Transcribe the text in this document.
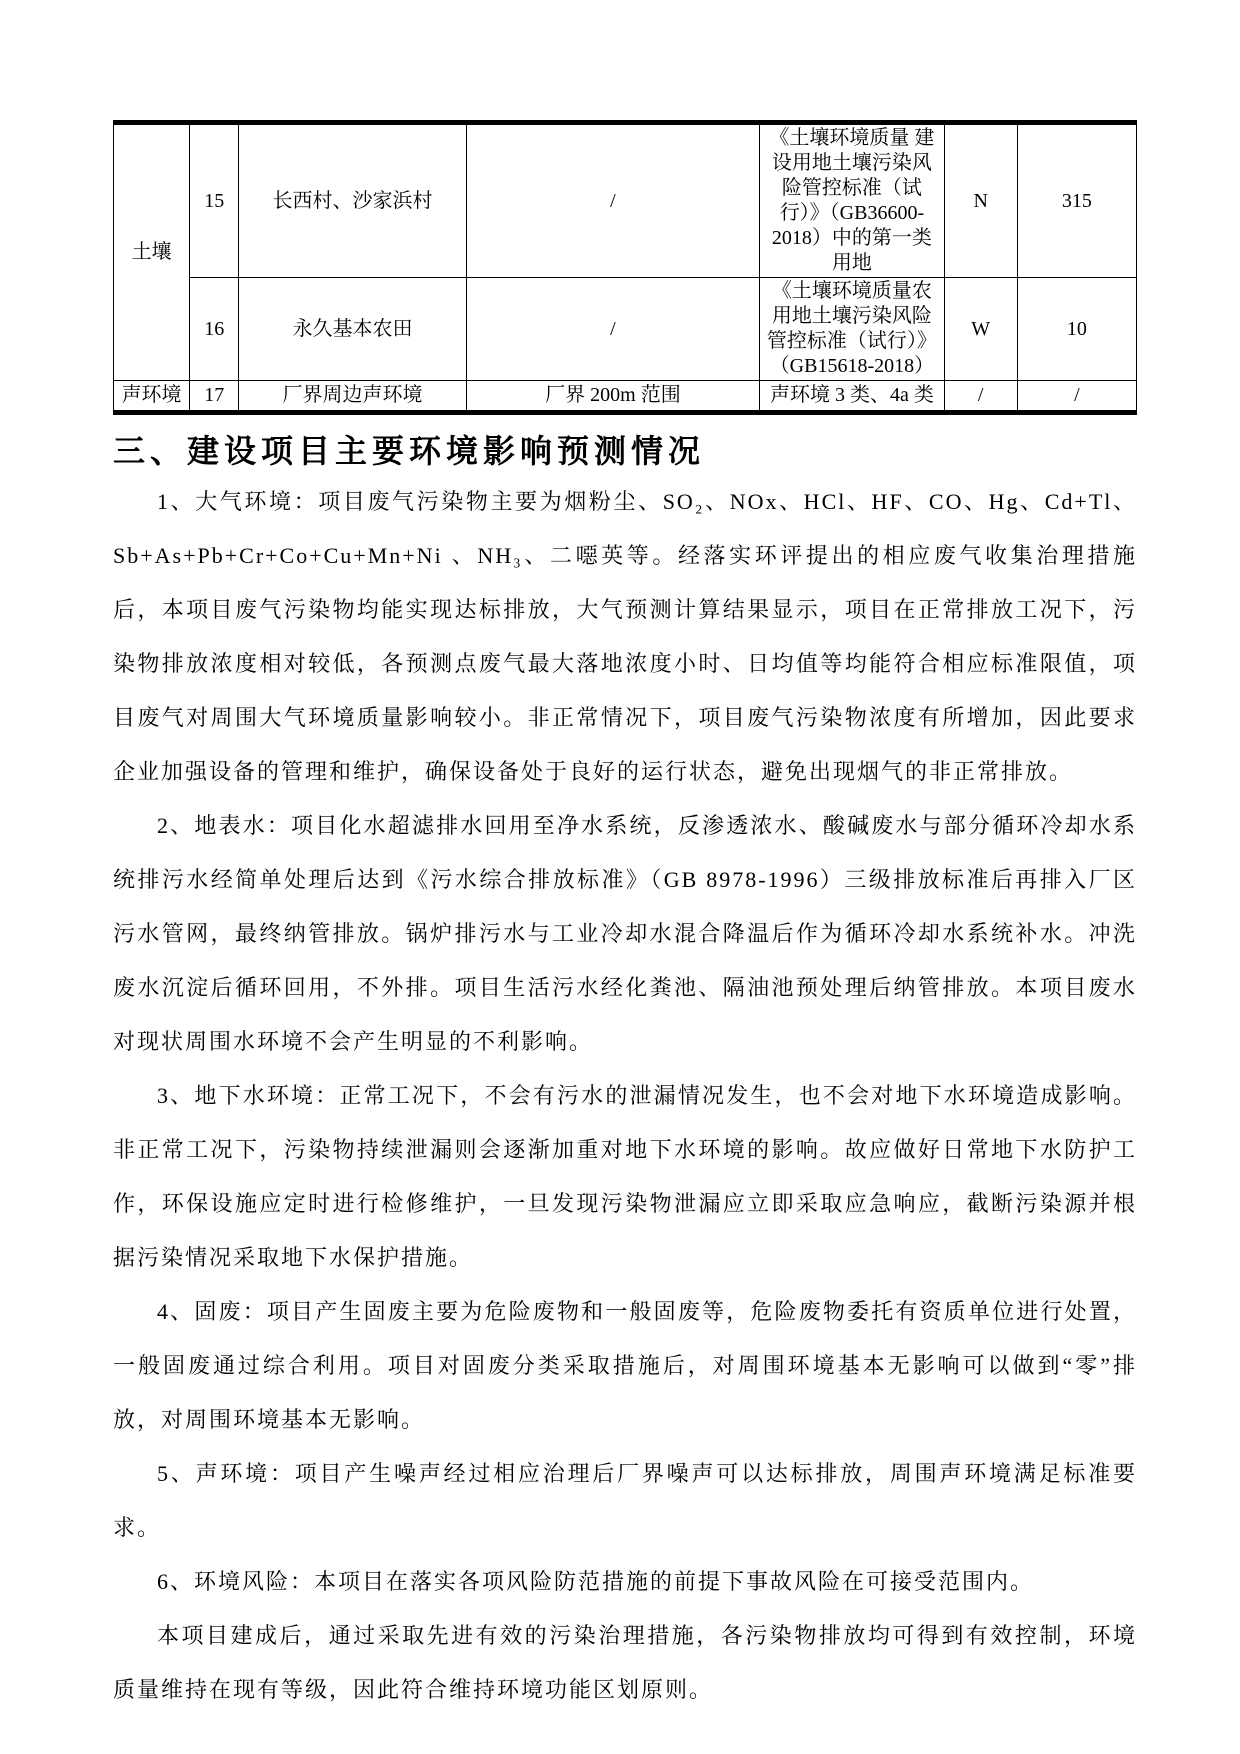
土壤	15	长西村、沙家浜村	/	《土壤环境质量 建设用地土壤污染风险管控标准（试行）》（GB36600-2018）中的第一类用地	N	315
	16	永久基本农田	/	《土壤环境质量农用地土壤污染风险管控标准（试行）》（GB15618-2018）	W	10
声环境	17	厂界周边声环境	厂界 200m 范围	声环境 3 类、4a 类	/	/
三、建设项目主要环境影响预测情况

1、大气环境：项目废气污染物主要为烟粉尘、SO₂、NOx、HCl、HF、CO、Hg、Cd+Tl、Sb+As+Pb+Cr+Co+Cu+Mn+Ni 、NH₃、二噁英等。经落实环评提出的相应废气收集治理措施后，本项目废气污染物均能实现达标排放，大气预测计算结果显示，项目在正常排放工况下，污染物排放浓度相对较低，各预测点废气最大落地浓度小时、日均值等均能符合相应标准限值，项目废气对周围大气环境质量影响较小。非正常情况下，项目废气污染物浓度有所增加，因此要求企业加强设备的管理和维护，确保设备处于良好的运行状态，避免出现烟气的非正常排放。

2、地表水：项目化水超滤排水回用至净水系统，反渗透浓水、酸碱废水与部分循环冷却水系统排污水经简单处理后达到《污水综合排放标准》（GB 8978-1996）三级排放标准后再排入厂区污水管网，最终纳管排放。锅炉排污水与工业冷却水混合降温后作为循环冷却水系统补水。冲洗废水沉淀后循环回用，不外排。项目生活污水经化粪池、隔油池预处理后纳管排放。本项目废水对现状周围水环境不会产生明显的不利影响。

3、地下水环境：正常工况下，不会有污水的泄漏情况发生，也不会对地下水环境造成影响。非正常工况下，污染物持续泄漏则会逐渐加重对地下水环境的影响。故应做好日常地下水防护工作，环保设施应定时进行检修维护，一旦发现污染物泄漏应立即采取应急响应，截断污染源并根据污染情况采取地下水保护措施。

4、固废：项目产生固废主要为危险废物和一般固废等，危险废物委托有资质单位进行处置，一般固废通过综合利用。项目对固废分类采取措施后，对周围环境基本无影响可以做到“零”排放，对周围环境基本无影响。

5、声环境：项目产生噪声经过相应治理后厂界噪声可以达标排放，周围声环境满足标准要求。

6、环境风险：本项目在落实各项风险防范措施的前提下事故风险在可接受范围内。

本项目建成后，通过采取先进有效的污染治理措施，各污染物排放均可得到有效控制，环境质量维持在现有等级，因此符合维持环境功能区划原则。
